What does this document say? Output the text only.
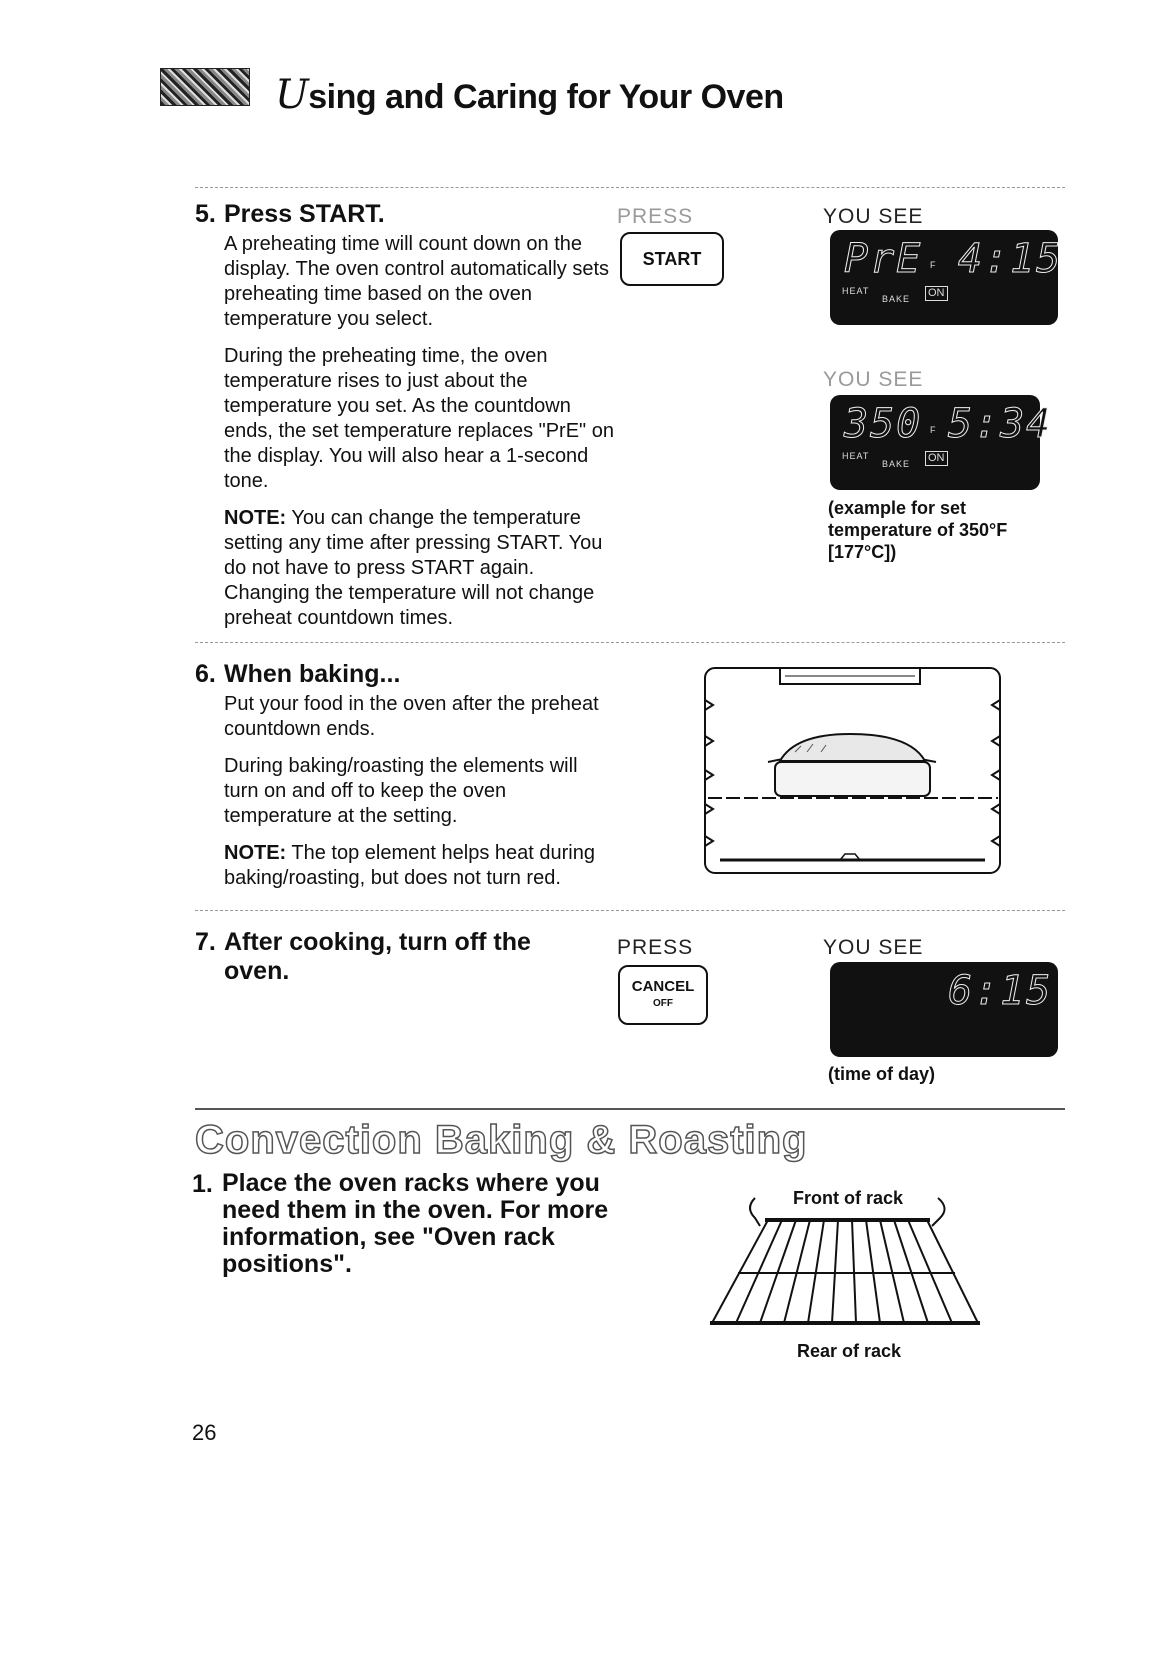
Using and Caring for Your Oven
5. Press START.

A preheating time will count down on the display. The oven control automatically sets preheating time based on the oven temperature you select.

During the preheating time, the oven temperature rises to just about the temperature you set. As the countdown ends, the set temperature replaces "PrE" on the display. You will also hear a 1-second tone.

NOTE: You can change the temperature setting any time after pressing START. You do not have to press START again. Changing the temperature will not change preheat countdown times.

PRESS
START
YOU SEE
PrE F 4:15
HEAT
BAKE ON
YOU SEE
350 F 5:34
HEAT
BAKE ON
(example for set temperature of 350°F [177°C])
6. When baking...

Put your food in the oven after the preheat countdown ends.

During baking/roasting the elements will turn on and off to keep the oven temperature at the setting.

NOTE: The top element helps heat during baking/roasting, but does not turn red.

7. After cooking, turn off the oven.
PRESS
CANCEL
OFF
YOU SEE
6:15
(time of day)
Convection Baking & Roasting
1. Place the oven racks where you need them in the oven. For more information, see "Oven rack positions".
Front of rack
Rear of rack
26
